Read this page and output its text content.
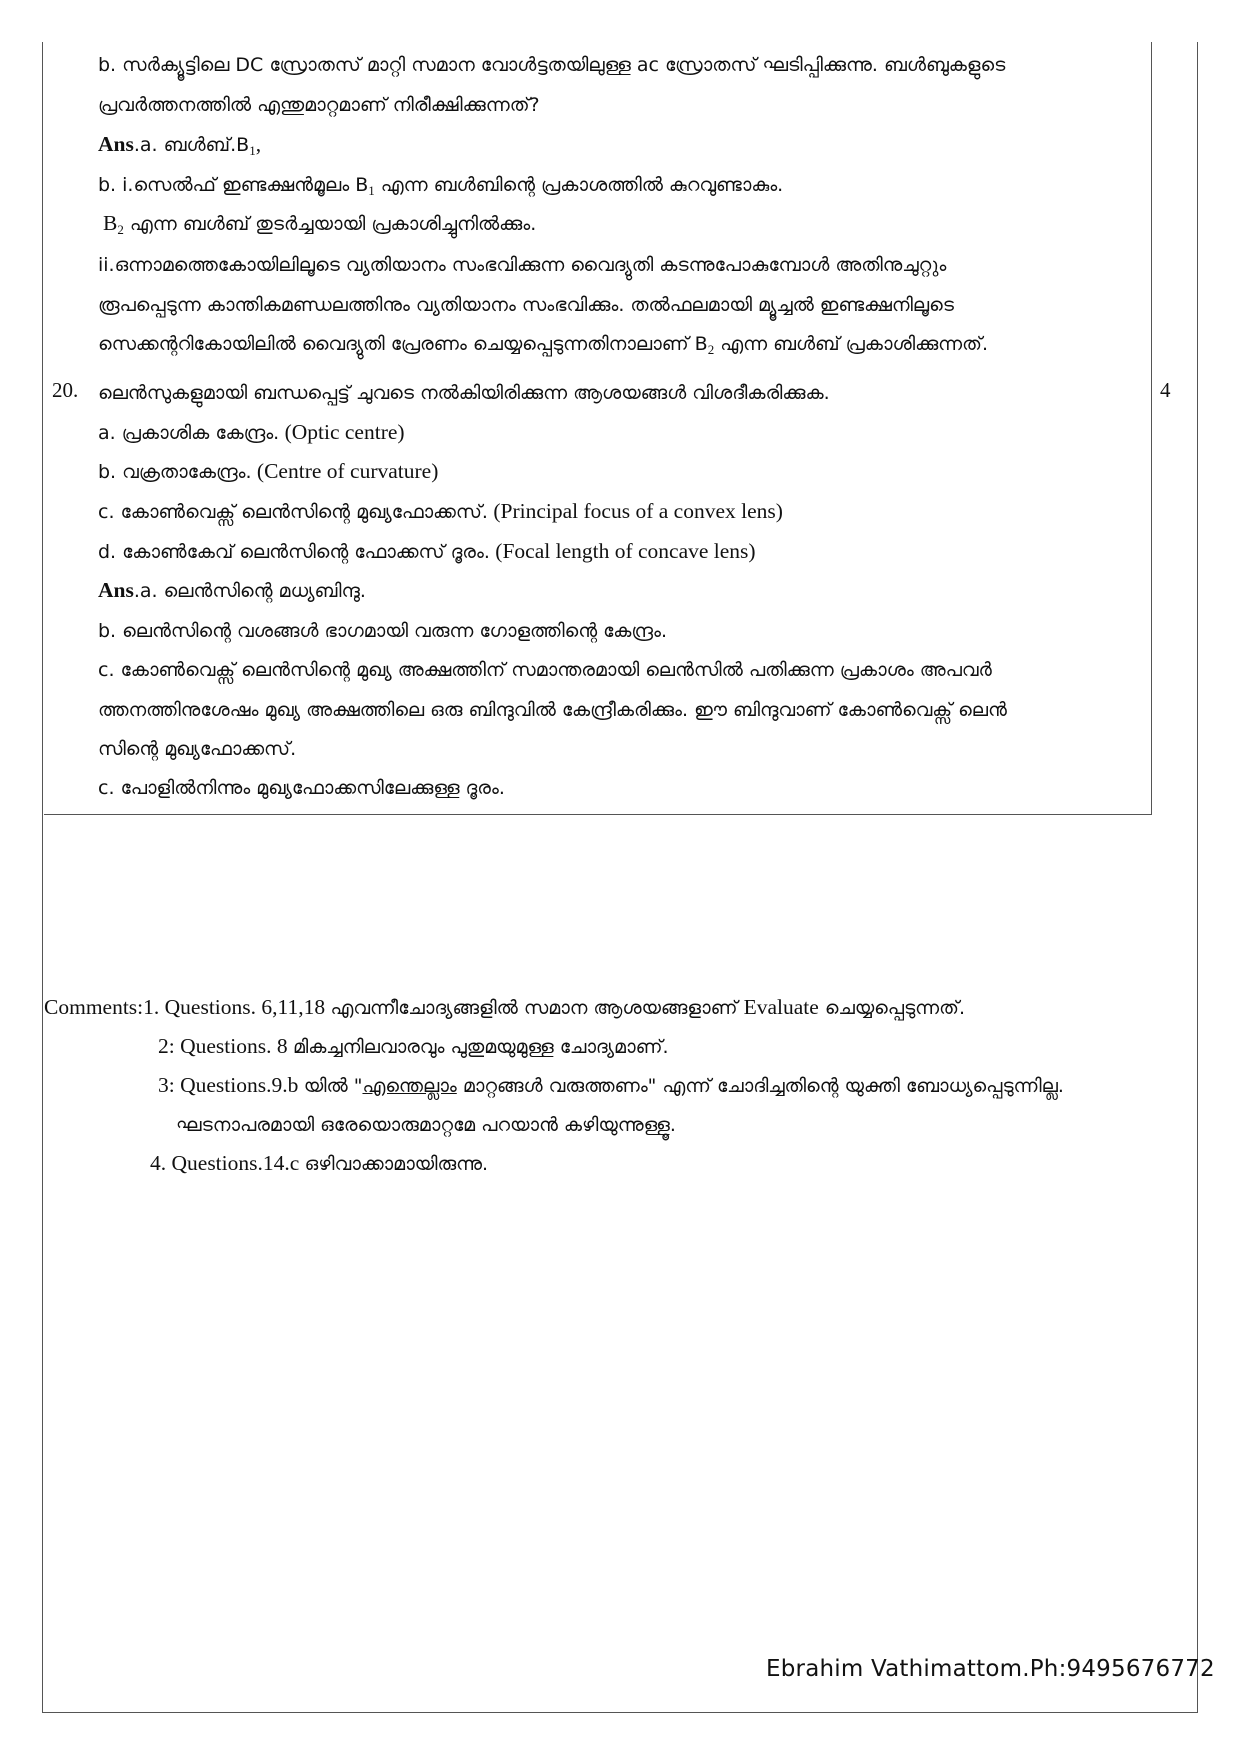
b. സർക്യൂട്ടിലെ DC സ്രോതസ് മാറ്റി സമാന വോൾട്ടതയിലുള്ള ac സ്രോതസ് ഘടിപ്പിക്കുന്നു. ബൾബുകളുടെ
പ്രവർത്തനത്തിൽ എന്തുമാറ്റമാണ് നിരീക്ഷിക്കുന്നത്?
Ans.a. $ബൾബ്.B_1$,
b. i.സെൽഫ് ഇണ്ടക്ഷൻമൂലം $B_1$ എന്ന ബൾബിന്റെ പ്രകാശത്തിൽ കുറവുണ്ടാകും.
$B_2$ എന്ന ബൾബ് തുടർച്ചയായി പ്രകാശിച്ചുനിൽക്കും.
ii.ഒന്നാമത്തെകോയിലിലൂടെ വ്യതിയാനം സംഭവിക്കുന്ന വൈദ്യുതി കടന്നുപോകുമ്പോൾ അതിനുചുറ്റും
രൂപപ്പെടുന്ന കാന്തികമണ്ഡലത്തിനും വ്യതിയാനം സംഭവിക്കും. തൽഫലമായി മ്യൂച്ചൽ ഇണ്ടക്ഷനിലൂടെ
സെക്കന്ററികോയിലിൽ വൈദ്യുതി പ്രേരണം ചെയ്യപ്പെടുന്നതിനാലാണ് $B_2$ എന്ന ബൾബ് പ്രകാശിക്കുന്നത്.
20.	4
ലെൻസുകളുമായി ബന്ധപ്പെട്ട് ചുവടെ നൽകിയിരിക്കുന്ന ആശയങ്ങൾ വിശദീകരിക്കുക.
a. പ്രകാശിക കേന്ദ്രം. (Optic centre)
b. വക്രതാകേന്ദ്രം. (Centre of curvature)
c. കോൺവെക്സ് ലെൻസിന്റെ മുഖ്യഫോക്കസ്. (Principal focus of a convex lens)
d. കോൺകേവ് ലെൻസിന്റെ ഫോക്കസ് ദൂരം. (Focal length of concave lens)
Ans.a. ലെൻസിന്റെ മധ്യബിന്ദു.
b. ലെൻസിന്റെ വശങ്ങൾ ഭാഗമായി വരുന്ന ഗോളത്തിന്റെ കേന്ദ്രം.
c. കോൺവെക്സ് ലെൻസിന്റെ മുഖ്യ അക്ഷത്തിന് സമാന്തരമായി ലെൻസിൽ പതിക്കുന്ന പ്രകാശം അപവർ
ത്തനത്തിനുശേഷം മുഖ്യ അക്ഷത്തിലെ ഒരു ബിന്ദുവിൽ കേന്ദ്രീകരിക്കും. ഈ ബിന്ദുവാണ് കോൺവെക്സ് ലെൻ
സിന്റെ മുഖ്യഫോക്കസ്.
c. പോളിൽനിന്നും മുഖ്യഫോക്കസിലേക്കുള്ള ദൂരം.
Comments:1. Questions. 6,11,18 എവന്നീചോദ്യങ്ങളിൽ സമാന ആശയങ്ങളാണ് Evaluate ചെയ്യപ്പെടുന്നത്.
2: Questions. 8 മികച്ചനിലവാരവും പുതുമയുമുള്ള ചോദ്യമാണ്.
3: Questions.9.b യിൽ "എന്തെല്ലാം മാറ്റങ്ങൾ വരുത്തണം" എന്ന് ചോദിച്ചതിന്റെ യുക്തി ബോധ്യപ്പെടുന്നില്ല.
ഘടനാപരമായി ഒരേയൊരുമാറ്റമേ പറയാൻ കഴിയുന്നുള്ളൂ.
4. Questions.14.c ഒഴിവാക്കാമായിരുന്നു.
Ebrahim Vathimattom.Ph:9495676772
